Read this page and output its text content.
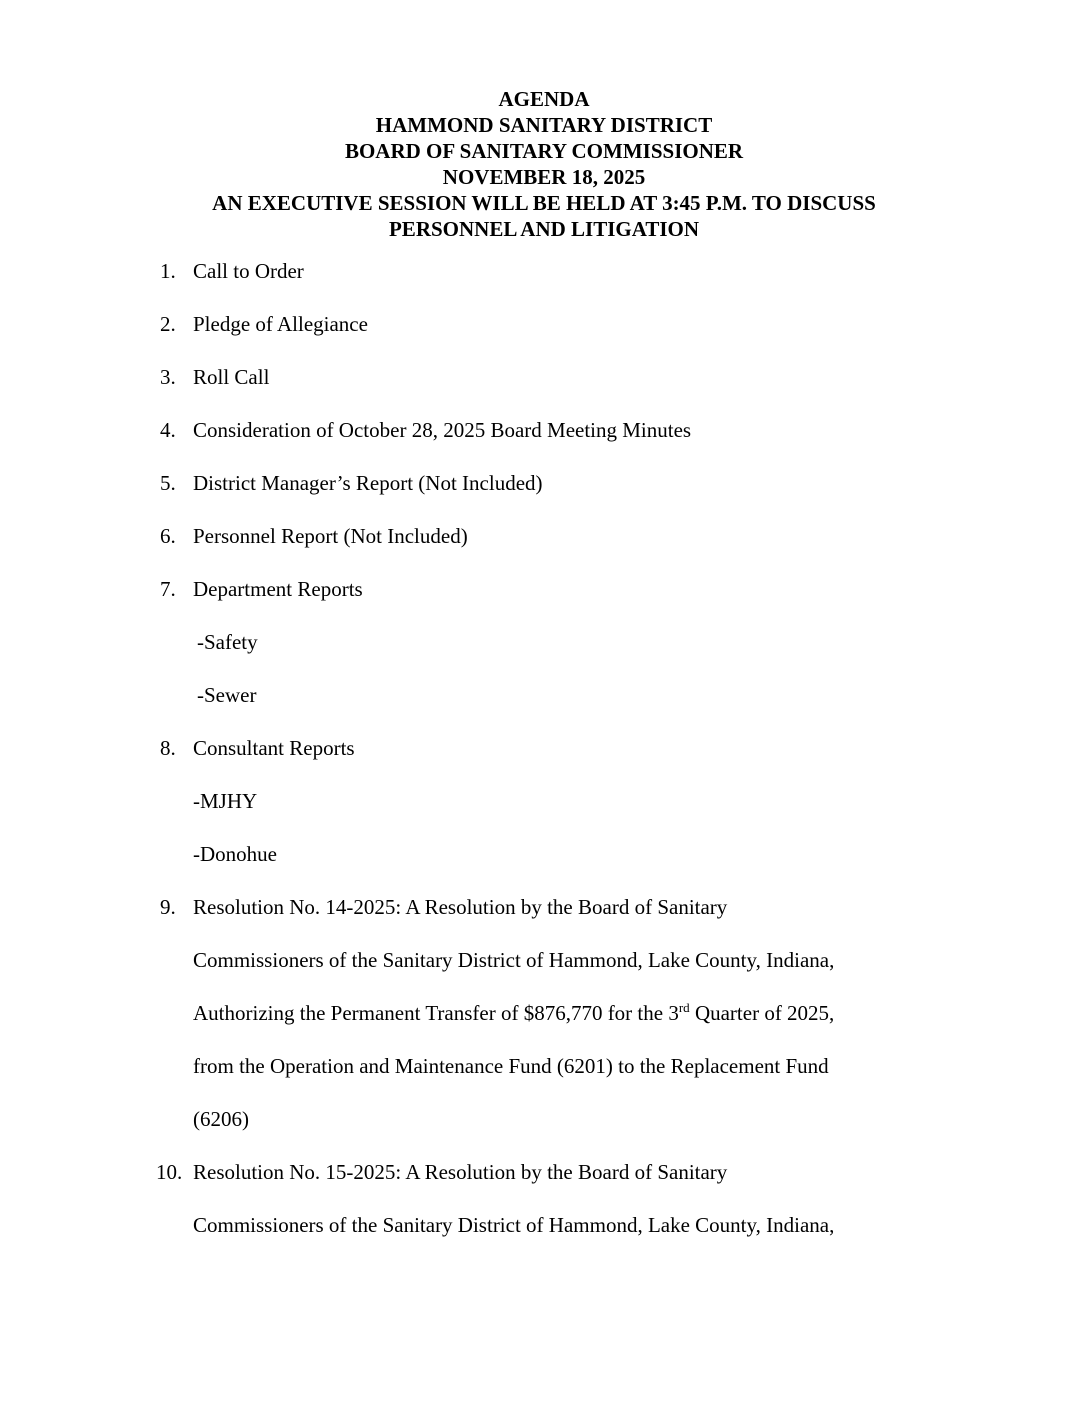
AGENDA
HAMMOND SANITARY DISTRICT
BOARD OF SANITARY COMMISSIONER
NOVEMBER 18, 2025
AN EXECUTIVE SESSION WILL BE HELD AT 3:45 P.M. TO DISCUSS
PERSONNEL AND LITIGATION
1. Call to Order
2. Pledge of Allegiance
3. Roll Call
4. Consideration of October 28, 2025 Board Meeting Minutes
5. District Manager’s Report (Not Included)
6. Personnel Report (Not Included)
7. Department Reports
-Safety
-Sewer
8. Consultant Reports
-MJHY
-Donohue
9. Resolution No. 14-2025: A Resolution by the Board of Sanitary
Commissioners of the Sanitary District of Hammond, Lake County, Indiana,
Authorizing the Permanent Transfer of $876,770 for the 3rd Quarter of 2025,
from the Operation and Maintenance Fund (6201) to the Replacement Fund
(6206)
10. Resolution No. 15-2025: A Resolution by the Board of Sanitary
Commissioners of the Sanitary District of Hammond, Lake County, Indiana,
